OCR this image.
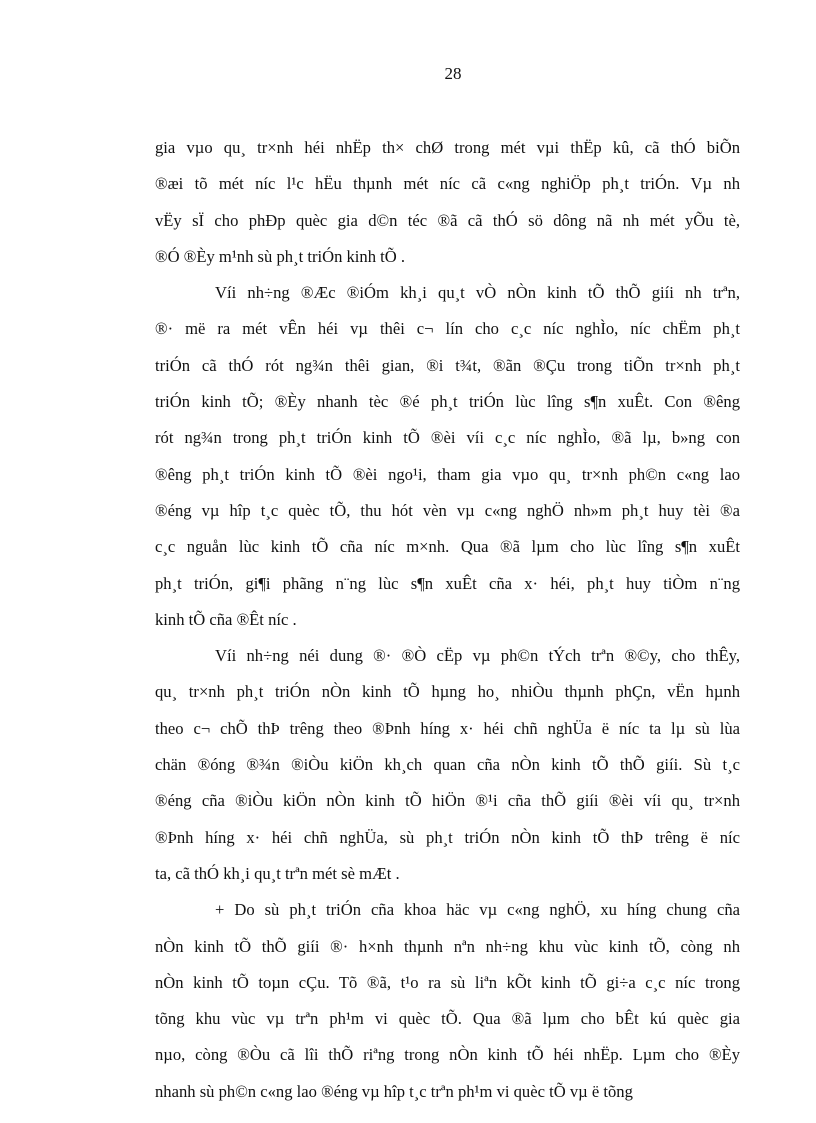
28
gia vµo qu¸ tr×nh héi nhËp th× chØ trong mét vµi thËp kû, cã thÓ biÕn
®æi tõ mét níc l¹c hËu thµnh mét níc cã c«ng nghiÖp ph¸t triÓn. Vµ nh
vËy sÏ cho phÐp quèc gia d©n téc ®ã cã thÓ sö dông nã nh mét yÕu tè,
®Ó ®Èy m¹nh sù ph¸t triÓn kinh tÕ .
Víi nh÷ng ®Æc ®iÓm kh¸i qu¸t vÒ nÒn kinh tÕ thÕ giíi nh trªn,
®· më ra mét vÊn héi vµ thêi c¬ lín cho c¸c níc nghÌo, níc chËm ph¸t
triÓn cã thÓ rót ng¾n thêi gian, ®i t¾t, ®ãn ®Çu trong tiÕn tr×nh ph¸t
triÓn kinh tÕ; ®Èy nhanh tèc ®é ph¸t triÓn lùc lîng s¶n xuÊt. Con ®êng
rót ng¾n trong ph¸t triÓn kinh tÕ ®èi víi c¸c níc nghÌo, ®ã lµ, b»ng con
®êng ph¸t triÓn kinh tÕ ®èi ngo¹i, tham gia vµo qu¸ tr×nh ph©n c«ng lao
®éng vµ hîp t¸c quèc tÕ, thu hót vèn vµ c«ng nghÖ nh»m ph¸t huy tèi ®a
c¸c nguån lùc kinh tÕ cña níc m×nh. Qua ®ã lµm cho lùc lîng s¶n xuÊt
ph¸t triÓn, gi¶i phãng n¨ng lùc s¶n xuÊt cña x· héi, ph¸t huy tiÒm n¨ng
kinh tÕ cña ®Êt níc .
Víi nh÷ng néi dung ®· ®Ò cËp vµ ph©n tÝch trªn ®©y, cho thÊy,
qu¸ tr×nh ph¸t triÓn nÒn kinh tÕ hµng ho¸ nhiÒu thµnh phÇn, vËn hµnh
theo c¬ chÕ thÞ trêng theo ®Þnh híng x· héi chñ nghÜa ë níc ta lµ sù lùa
chän ®óng ®¾n ®iÒu kiÖn kh¸ch quan cña nÒn kinh tÕ thÕ giíi. Sù t¸c
®éng cña ®iÒu kiÖn nÒn kinh tÕ hiÖn ®¹i cña thÕ giíi ®èi víi qu¸ tr×nh
®Þnh híng x· héi chñ nghÜa, sù ph¸t triÓn nÒn kinh tÕ thÞ trêng ë níc
ta, cã thÓ kh¸i qu¸t trªn mét sè mÆt .
+ Do sù ph¸t triÓn cña khoa häc vµ c«ng nghÖ, xu híng chung cña
nÒn kinh tÕ thÕ giíi ®· h×nh thµnh nªn nh÷ng khu vùc kinh tÕ, còng nh
nÒn kinh tÕ toµn cÇu. Tõ ®ã, t¹o ra sù liªn kÕt kinh tÕ gi÷a c¸c níc trong
tõng khu vùc vµ trªn ph¹m vi quèc tÕ. Qua ®ã lµm cho bÊt kú quèc gia
nµo, còng ®Òu cã lîi thÕ riªng trong nÒn kinh tÕ héi nhËp. Lµm cho ®Èy
nhanh sù ph©n c«ng lao ®éng vµ hîp t¸c trªn ph¹m vi quèc tÕ vµ ë tõng
